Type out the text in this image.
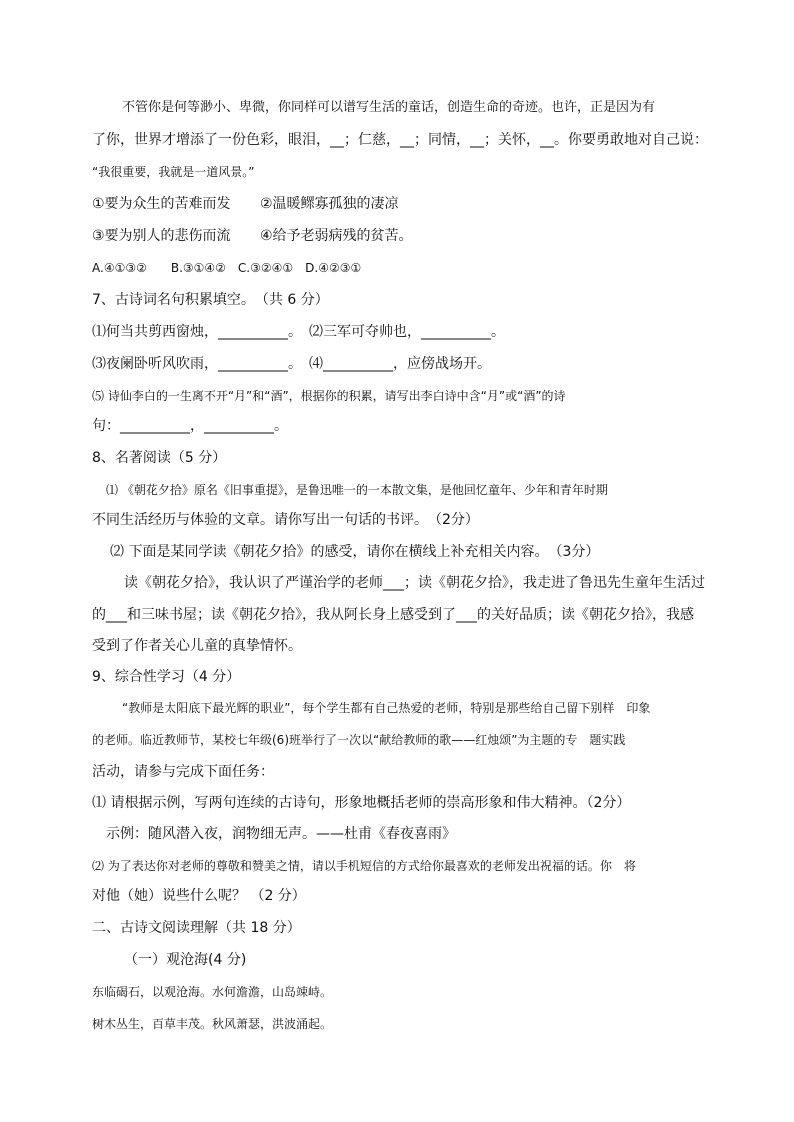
不管你是何等渺小、卑微，你同样可以谱写生活的童话，创造生命的奇迹。也许，正是因为有
了你，世界才增添了一份色彩，眼泪，__；仁慈，__；同情，__；关怀，__。你要勇敢地对自己说：
“我很重要，我就是一道风景。”
①要为众生的苦难而发 ②温暖鳏寡孤独的凄凉
③要为别人的悲伤而流 ④给予老弱病残的贫苦。
A.④①③②　　B.③①④②　C.③②④①　D.④②③①
7、古诗词名句积累填空。　（共 6 分）
⑴何当共剪西窗烛，__________。　⑵三军可夺帅也，__________。
⑶夜阑卧听风吹雨，__________。　⑷__________，应傍战场开。
⑸ 诗仙李白的一生离不开“月”和“酒”，根据你的积累，请写出李白诗中含“月”或“酒”的诗
句：__________，__________。
8、名著阅读（5 分）
⑴ 《朝花夕拾》原名《旧事重提》，是鲁迅唯一的一本散文集，是他回忆童年、少年和青年时期
不同生活经历与体验的文章。请你写出一句话的书评。　（2分）
⑵ 下面是某同学读《朝花夕拾》的感受，请你在横线上补充相关内容。　（3分）
读《朝花夕拾》，我认识了严谨治学的老师___；读《朝花夕拾》，我走进了鲁迅先生童年生活过
的___和三味书屋；读《朝花夕拾》，我从阿长身上感受到了___的关好品质；读《朝花夕拾》，我感
受到了作者关心儿童的真挚情怀。
9、综合性学习（4 分）
“教师是太阳底下最光辉的职业”，每个学生都有自己热爱的老师，特别是那些给自己留下别样　印象
的老师。临近教师节，某校七年级(6)班举行了一次以“献给教师的歌——红烛颂”为主题的专　题实践
活动，请参与完成下面任务：
⑴ 请根据示例，写两句连续的古诗句，形象地概括老师的崇高形象和伟大精神。（2分）
示例：随风潜入夜，润物细无声。——杜甫《春夜喜雨》
⑵ 为了表达你对老师的尊敬和赞美之情，请以手机短信的方式给你最喜欢的老师发出祝福的话。你　将
对他（她）说些什么呢？ （2 分）
二、古诗文阅读理解（共 18 分）
（一）观沧海(4 分)
东临碣石，以观沧海。水何澹澹，山岛竦峙。
树木丛生，百草丰茂。秋风萧瑟，洪波涌起。
